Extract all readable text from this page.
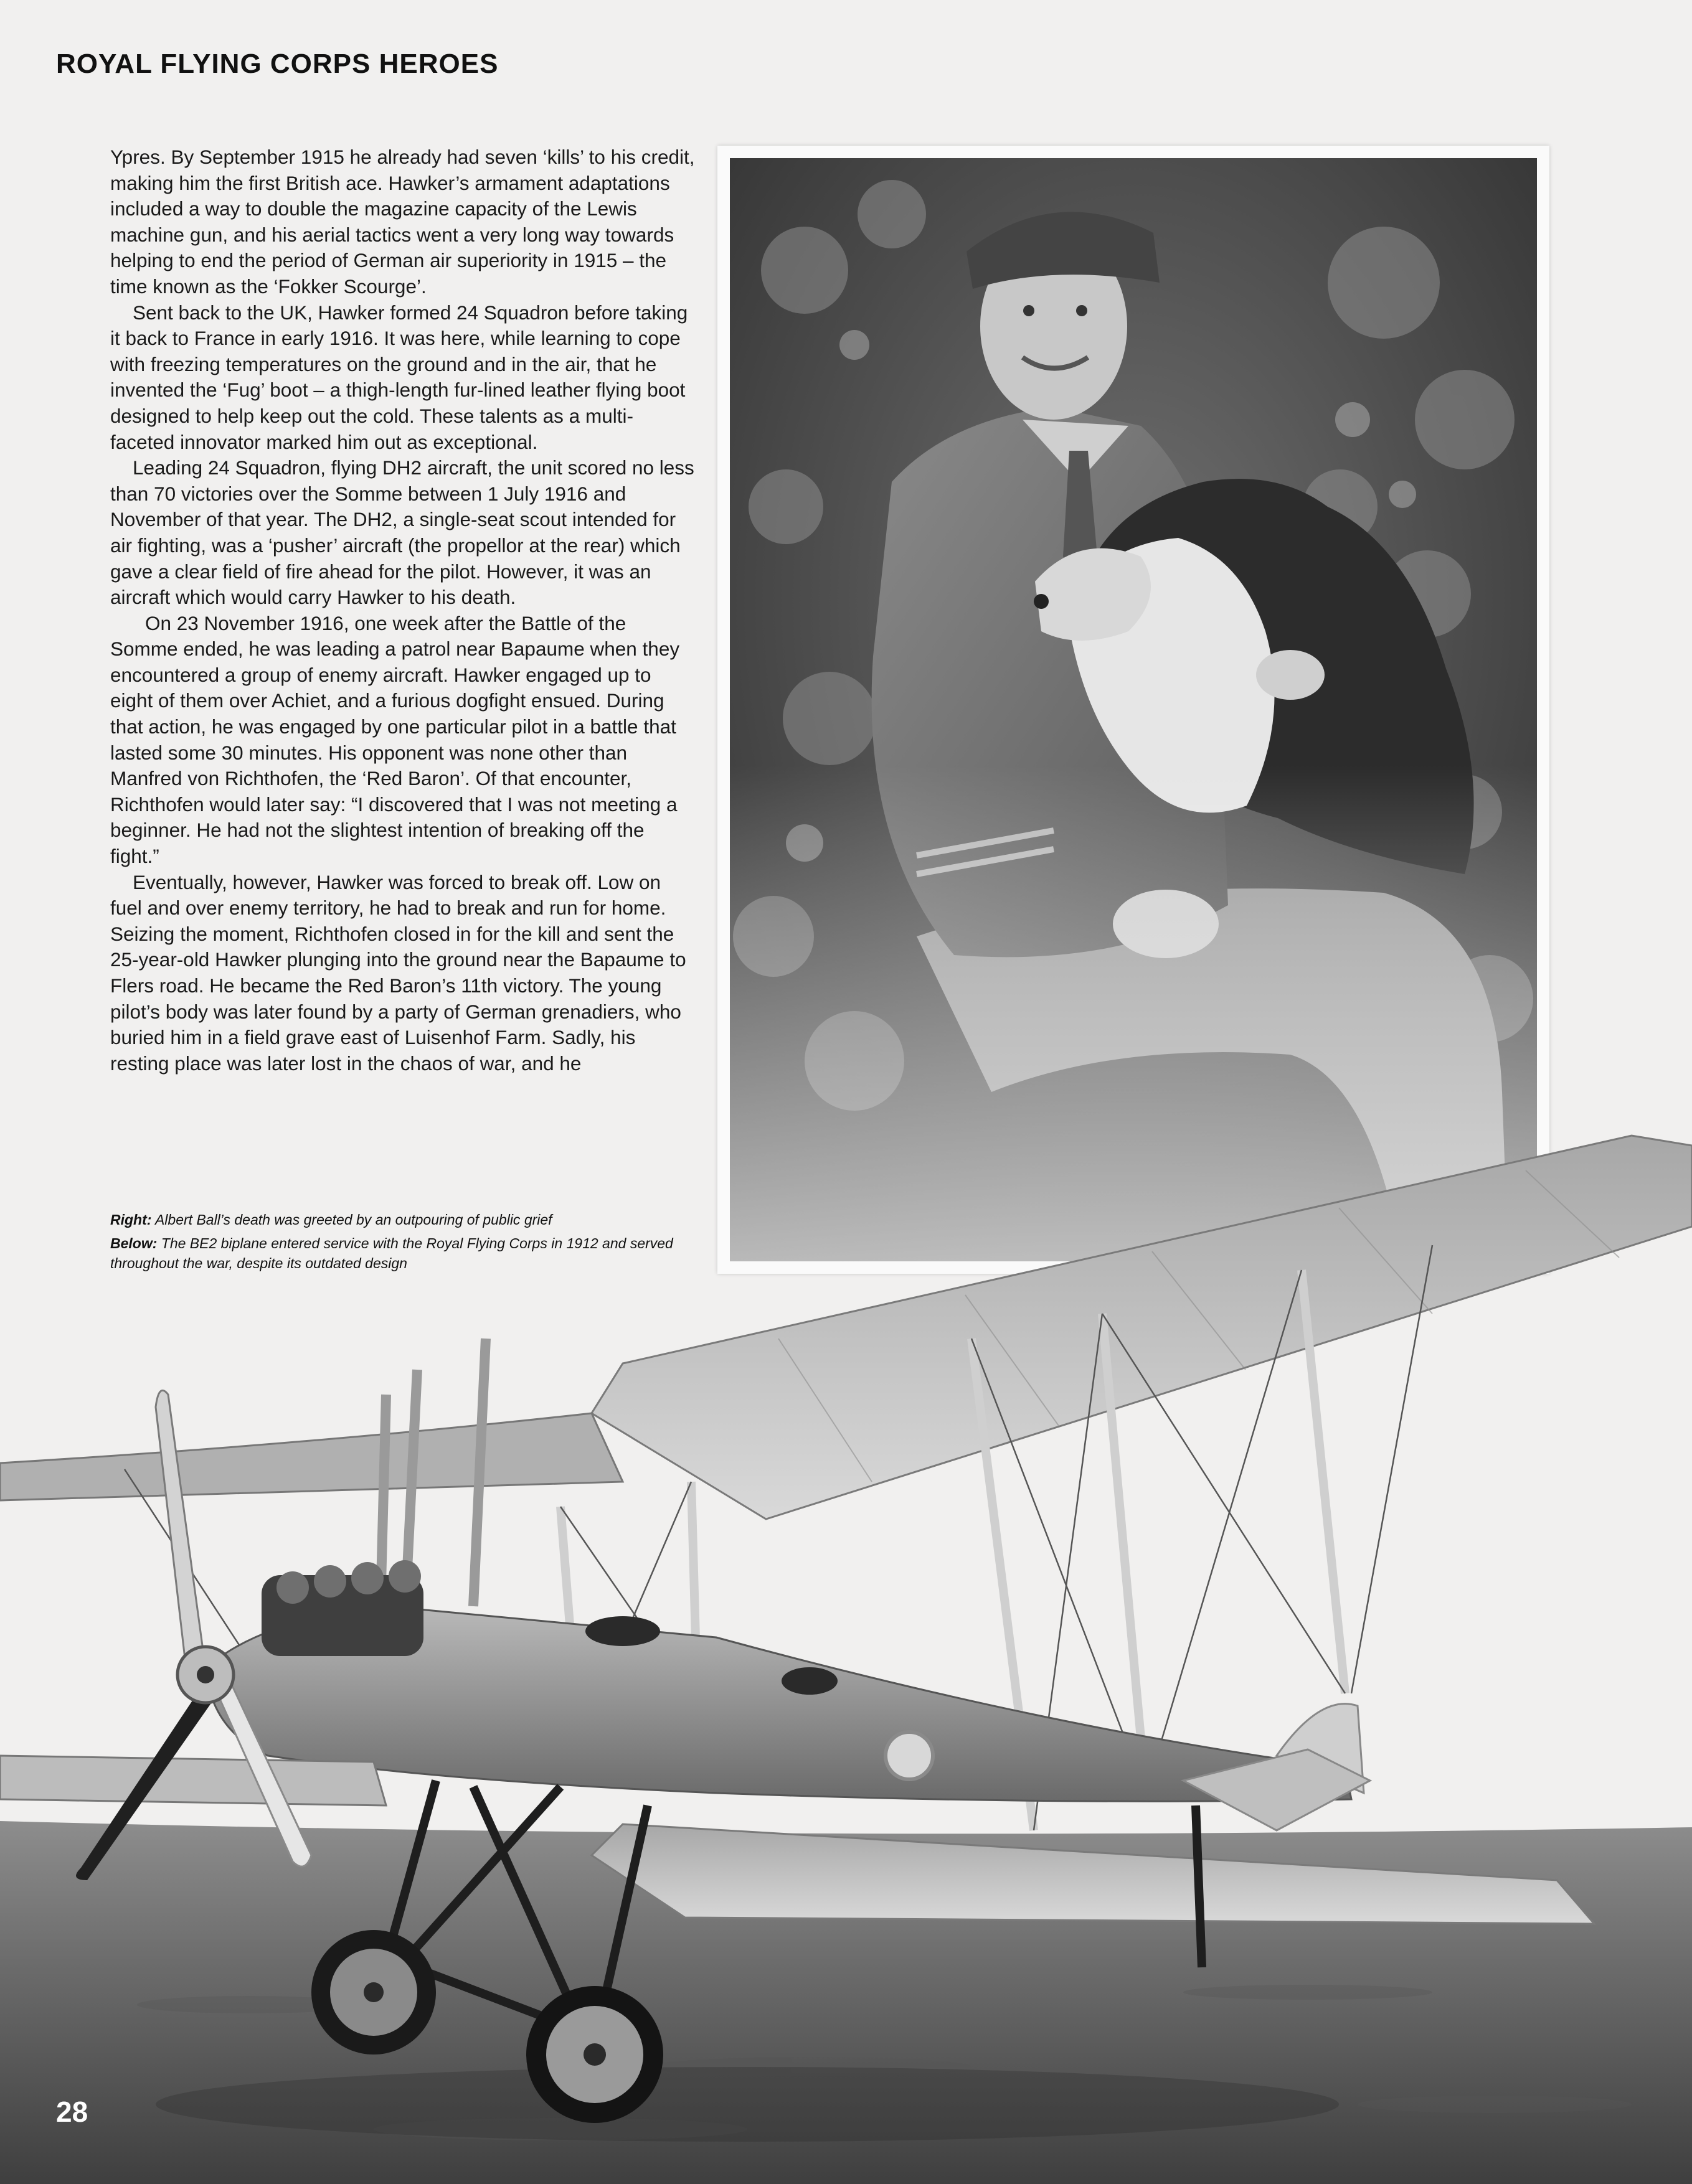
ROYAL FLYING CORPS HEROES

Ypres. By September 1915 he already had seven ‘kills’ to his credit, making him the first British ace. Hawker’s armament adaptations included a way to double the magazine capacity of the Lewis machine gun, and his aerial tactics went a very long way towards helping to end the period of German air superiority in 1915 – the time known as the ‘Fokker Scourge’.

Sent back to the UK, Hawker formed 24 Squadron before taking it back to France in early 1916. It was here, while learning to cope with freezing temperatures on the ground and in the air, that he invented the ‘Fug’ boot – a thigh-length fur-lined leather flying boot designed to help keep out the cold. These talents as a multi-faceted innovator marked him out as exceptional.

Leading 24 Squadron, flying DH2 aircraft, the unit scored no less than 70 victories over the Somme between 1 July 1916 and November of that year. The DH2, a single-seat scout intended for air fighting, was a ‘pusher’ aircraft (the propellor at the rear) which gave a clear field of fire ahead for the pilot. However, it was an aircraft which would carry Hawker to his death.

On 23 November 1916, one week after the Battle of the Somme ended, he was leading a patrol near Bapaume when they encountered a group of enemy aircraft. Hawker engaged up to eight of them over Achiet, and a furious dogfight ensued. During that action, he was engaged by one particular pilot in a battle that lasted some 30 minutes. His opponent was none other than Manfred von Richthofen, the ‘Red Baron’. Of that encounter, Richthofen would later say: “I discovered that I was not meeting a beginner. He had not the slightest intention of breaking off the fight.”

Eventually, however, Hawker was forced to break off. Low on fuel and over enemy territory, he had to break and run for home. Seizing the moment, Richthofen closed in for the kill and sent the 25-year-old Hawker plunging into the ground near the Bapaume to Flers road. He became the Red Baron’s 11th victory. The young pilot’s body was later found by a party of German grenadiers, who buried him in a field grave east of Luisenhof Farm. Sadly, his resting place was later lost in the chaos of war, and he

Right: Albert Ball’s death was greeted by an outpouring of public grief

Below: The BE2 biplane entered service with the Royal Flying Corps in 1912 and served throughout the war, despite its outdated design

28
